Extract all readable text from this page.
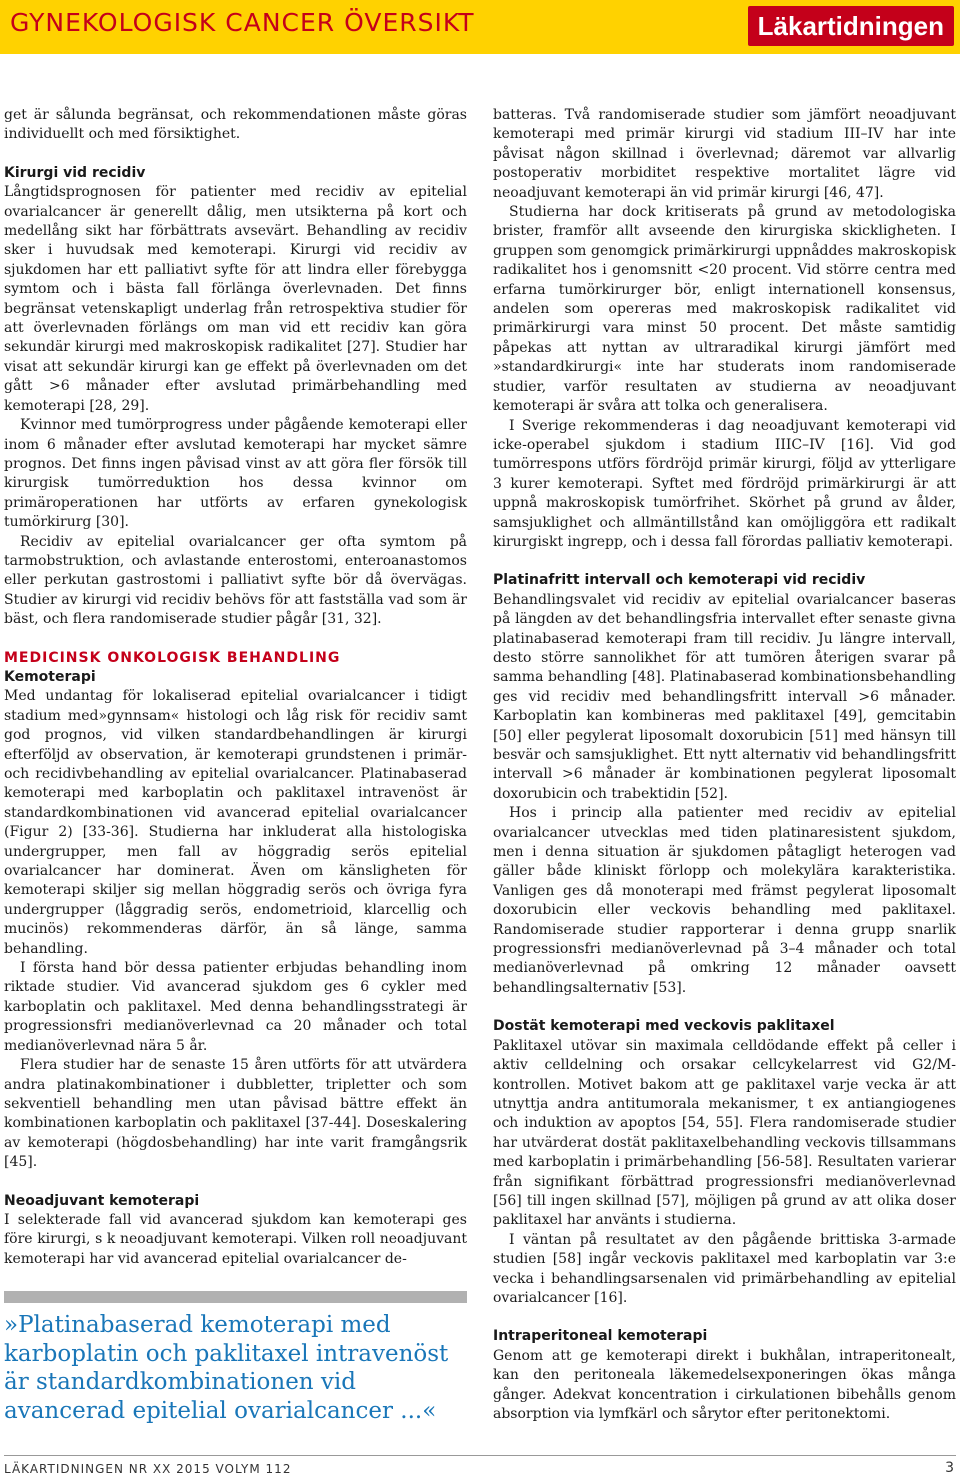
GYNEKOLOGISK CANCER ÖVERSIKT	Läkartidningen

get är sålunda begränsat, och rekommendationen måste göras individuellt och med försiktighet.

Kirurgi vid recidiv

Långtidsprognosen för patienter med recidiv av epitelial ovarialcancer är generellt dålig, men utsikterna på kort och medellång sikt har förbättrats avsevärt. Behandling av recidiv sker i huvudsak med kemoterapi. Kirurgi vid recidiv av sjukdomen har ett palliativt syfte för att lindra eller förebygga symtom och i bästa fall förlänga överlevnaden. Det finns begränsat vetenskapligt underlag från retrospektiva studier för att överlevnaden förlängs om man vid ett recidiv kan göra sekundär kirurgi med makroskopisk radikalitet [27]. Studier har visat att sekundär kirurgi kan ge effekt på överlevnaden om det gått >6 månader efter avslutad primärbehandling med kemoterapi [28, 29].

Kvinnor med tumörprogress under pågående kemoterapi eller inom 6 månader efter avslutad kemoterapi har mycket sämre prognos. Det finns ingen påvisad vinst av att göra fler försök till kirurgisk tumörreduktion hos dessa kvinnor om primäroperationen har utförts av erfaren gynekologisk tumörkirurg [30].

Recidiv av epitelial ovarialcancer ger ofta symtom på tarmobstruktion, och avlastande enterostomi, enteroanastomos eller perkutan gastrostomi i palliativt syfte bör då övervägas. Studier av kirurgi vid recidiv behövs för att fastställa vad som är bäst, och flera randomiserade studier pågår [31, 32].

MEDICINSK ONKOLOGISK BEHANDLING
Kemoterapi

Med undantag för lokaliserad epitelial ovarialcancer i tidigt stadium med»gynnsam« histologi och låg risk för recidiv samt god prognos, vid vilken standardbehandlingen är kirurgi efterföljd av observation, är kemoterapi grundstenen i primär- och recidivbehandling av epitelial ovarialcancer. Platinabaserad kemoterapi med karboplatin och paklitaxel intravenöst är standardkombinationen vid avancerad epitelial ovarialcancer (Figur 2) [33-36]. Studierna har inkluderat alla histologiska undergrupper, men fall av höggradig serös epitelial ovarialcancer har dominerat. Även om känsligheten för kemoterapi skiljer sig mellan höggradig serös och övriga fyra undergrupper (låggradig serös, endometrioid, klarcellig och mucinös) rekommenderas därför, än så länge, samma behandling.

I första hand bör dessa patienter erbjudas behandling inom riktade studier. Vid avancerad sjukdom ges 6 cykler med karboplatin och paklitaxel. Med denna behandlingsstrategi är progressionsfri medianöverlevnad ca 20 månader och total medianöverlevnad nära 5 år.

Flera studier har de senaste 15 åren utförts för att utvärdera andra platinakombinationer i dubbletter, tripletter och som sekventiell behandling men utan påvisad bättre effekt än kombinationen karboplatin och paklitaxel [37-44]. Doseskalering av kemoterapi (högdosbehandling) har inte varit framgångsrik [45].

Neoadjuvant kemoterapi

I selekterade fall vid avancerad sjukdom kan kemoterapi ges före kirurgi, s k neoadjuvant kemoterapi. Vilken roll neoadjuvant kemoterapi har vid avancerad epitelial ovarialcancer de-

»Platinabaserad kemoterapi med karboplatin och paklitaxel intravenöst är standardkombinationen vid avancerad epitelial ovarialcancer ...«

batteras. Två randomiserade studier som jämfört neoadjuvant kemoterapi med primär kirurgi vid stadium III–IV har inte påvisat någon skillnad i överlevnad; däremot var allvarlig postoperativ morbiditet respektive mortalitet lägre vid neoadjuvant kemoterapi än vid primär kirurgi [46, 47].

Studierna har dock kritiserats på grund av metodologiska brister, framför allt avseende den kirurgiska skickligheten. I gruppen som genomgick primärkirurgi uppnåddes makroskopisk radikalitet hos i genomsnitt <20 procent. Vid större centra med erfarna tumörkirurger bör, enligt internationell konsensus, andelen som opereras med makroskopisk radikalitet vid primärkirurgi vara minst 50 procent. Det måste samtidig påpekas att nyttan av ultraradikal kirurgi jämfört med »standardkirurgi« inte har studerats inom randomiserade studier, varför resultaten av studierna av neoadjuvant kemoterapi är svåra att tolka och generalisera.

I Sverige rekommenderas i dag neoadjuvant kemoterapi vid icke-operabel sjukdom i stadium IIIC–IV [16]. Vid god tumörrespons utförs fördröjd primär kirurgi, följd av ytterligare 3 kurer kemoterapi. Syftet med fördröjd primärkirurgi är att uppnå makroskopisk tumörfrihet. Skörhet på grund av ålder, samsjuklighet och allmäntillstånd kan omöjliggöra ett radikalt kirurgiskt ingrepp, och i dessa fall förordas palliativ kemoterapi.

Platinafritt intervall och kemoterapi vid recidiv

Behandlingsvalet vid recidiv av epitelial ovarialcancer baseras på längden av det behandlingsfria intervallet efter senaste givna platinabaserad kemoterapi fram till recidiv. Ju längre intervall, desto större sannolikhet för att tumören återigen svarar på samma behandling [48]. Platinabaserad kombinationsbehandling ges vid recidiv med behandlingsfritt intervall >6 månader. Karboplatin kan kombineras med paklitaxel [49], gemcitabin [50] eller pegylerat liposomalt doxorubicin [51] med hänsyn till besvär och samsjuklighet. Ett nytt alternativ vid behandlingsfritt intervall >6 månader är kombinationen pegylerat liposomalt doxorubicin och trabektidin [52].

Hos i princip alla patienter med recidiv av epitelial ovarialcancer utvecklas med tiden platinaresistent sjukdom, men i denna situation är sjukdomen påtagligt heterogen vad gäller både kliniskt förlopp och molekylära karakteristika. Vanligen ges då monoterapi med främst pegylerat liposomalt doxorubicin eller veckovis behandling med paklitaxel. Randomiserade studier rapporterar i denna grupp snarlik progressionsfri medianöverlevnad på 3–4 månader och total medianöverlevnad på omkring 12 månader oavsett behandlingsalternativ [53].

Dostät kemoterapi med veckovis paklitaxel

Paklitaxel utövar sin maximala celldödande effekt på celler i aktiv celldelning och orsakar cellcykelarrest vid G2/M-kontrollen. Motivet bakom att ge paklitaxel varje vecka är att utnyttja andra antitumorala mekanismer, t ex antiangiogenes och induktion av apoptos [54, 55]. Flera randomiserade studier har utvärderat dostät paklitaxelbehandling veckovis tillsammans med karboplatin i primärbehandling [56-58]. Resultaten varierar från signifikant förbättrad progressionsfri medianöverlevnad [56] till ingen skillnad [57], möjligen på grund av att olika doser paklitaxel har använts i studierna.

I väntan på resultatet av den pågående brittiska 3-armade studien [58] ingår veckovis paklitaxel med karboplatin var 3:e vecka i behandlingsarsenalen vid primärbehandling av epitelial ovarialcancer [16].

Intraperitoneal kemoterapi

Genom att ge kemoterapi direkt i bukhålan, intraperitonealt, kan den peritoneala läkemedelsexponeringen ökas många gånger. Adekvat koncentration i cirkulationen bibehålls genom absorption via lymfkärl och sårytor efter peritonektomi.

LÄKARTIDNINGEN NR XX 2015 VOLYM 112	3
